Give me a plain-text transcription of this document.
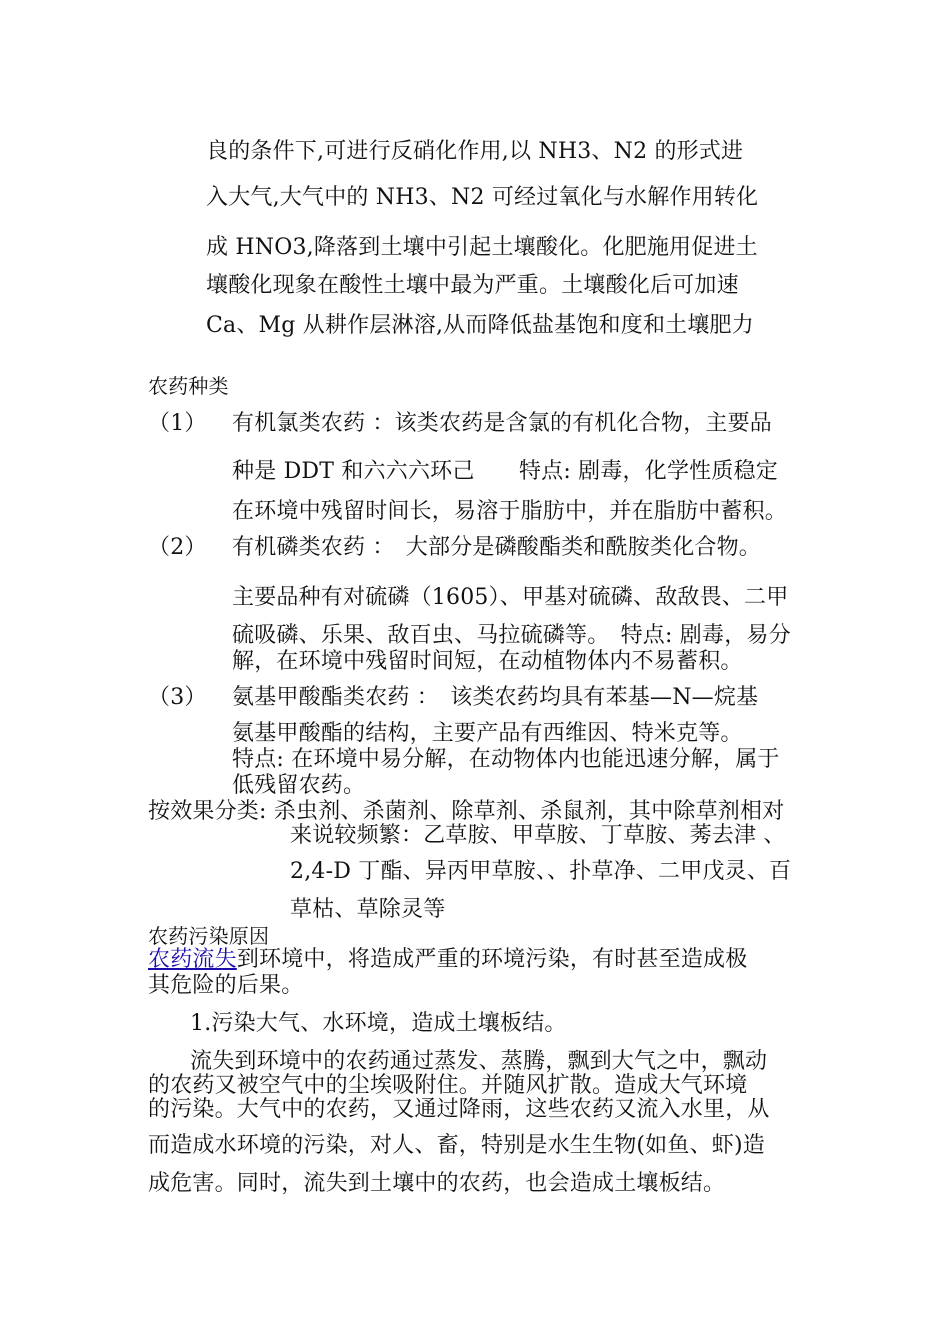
良的条件下,可进行反硝化作用,以 NH3、N2 的形式进
入大气,大气中的 NH3、N2 可经过氧化与水解作用转化
成 HNO3,降落到土壤中引起土壤酸化。化肥施用促进土
壤酸化现象在酸性土壤中最为严重。土壤酸化后可加速
Ca、Mg 从耕作层淋溶,从而降低盐基饱和度和土壤肥力
农药种类
（1） 有机氯类农药 ：该类农药是含氯的有机化合物，主要品
种是 DDT 和六六六环己　　特点: 剧毒，化学性质稳定
在环境中残留时间长，易溶于脂肪中，并在脂肪中蓄积。
（2） 有机磷类农药 ：　大部分是磷酸酯类和酰胺类化合物。
主要品种有对硫磷（1605）、甲基对硫磷、敌敌畏、二甲
硫吸磷、乐果、敌百虫、马拉硫磷等。　特点: 剧毒，易分
解，在环境中残留时间短，在动植物体内不易蓄积。
（3） 氨基甲酸酯类农药 ：　该类农药均具有苯基—N—烷基
氨基甲酸酯的结构，主要产品有西维因、特米克等。
特点: 在环境中易分解，在动物体内也能迅速分解，属于
低残留农药。
按效果分类: 杀虫剂、杀菌剂、除草剂、杀鼠剂，其中除草剂相对
来说较频繁：乙草胺、甲草胺、丁草胺、莠去津 、
2,4-D 丁酯、异丙甲草胺、、扑草净、二甲戊灵、百
草枯、草除灵等
农药污染原因
农药流失到环境中，将造成严重的环境污染，有时甚至造成极
其危险的后果。
1.污染大气、水环境，造成土壤板结。
流失到环境中的农药通过蒸发、蒸腾，飘到大气之中，飘动
的农药又被空气中的尘埃吸附住。并随风扩散。造成大气环境
的污染。大气中的农药，又通过降雨，这些农药又流入水里，从
而造成水环境的污染，对人、畜，特别是水生生物(如鱼、虾)造
成危害。同时，流失到土壤中的农药，也会造成土壤板结。
